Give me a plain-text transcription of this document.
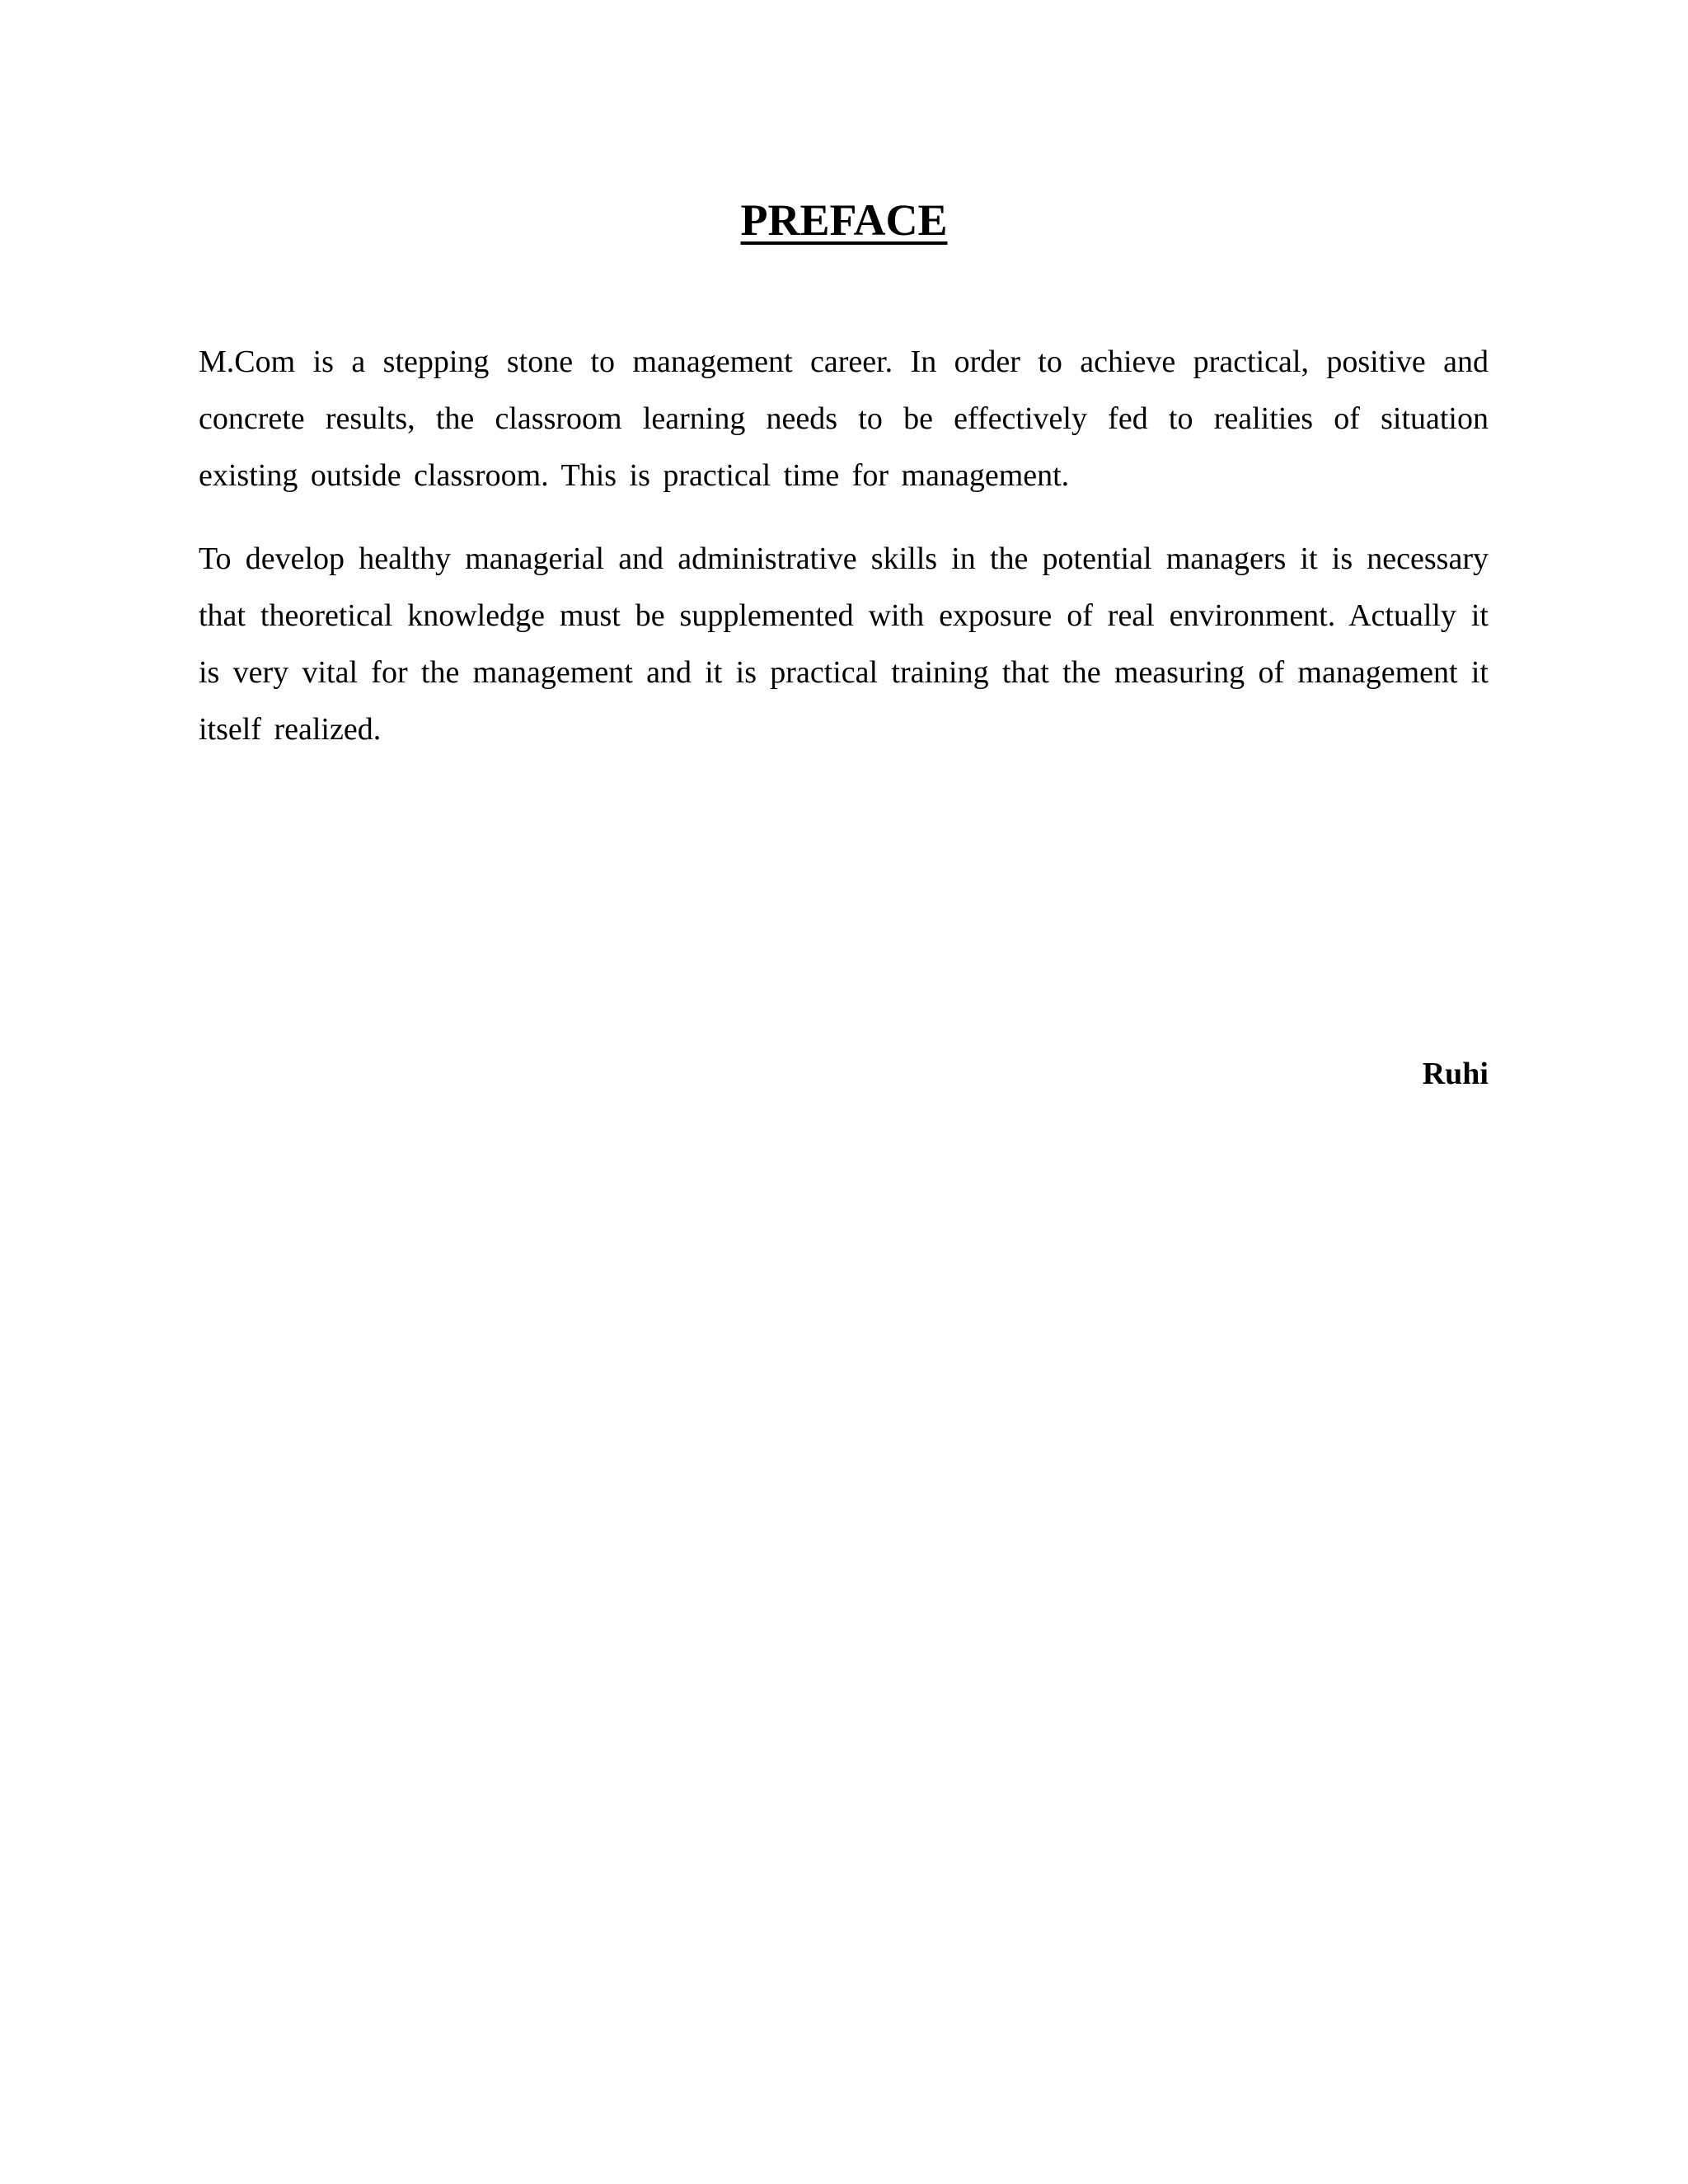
PREFACE

M.Com is a stepping stone to management career. In order to achieve practical, positive and concrete results, the classroom learning needs to be effectively fed to realities of situation existing outside classroom. This is practical time for management.

To develop healthy managerial and administrative skills in the potential managers it is necessary that theoretical knowledge must be supplemented with exposure of real environment. Actually it is very vital for the management and it is practical training that the measuring of management it itself realized.

Ruhi
